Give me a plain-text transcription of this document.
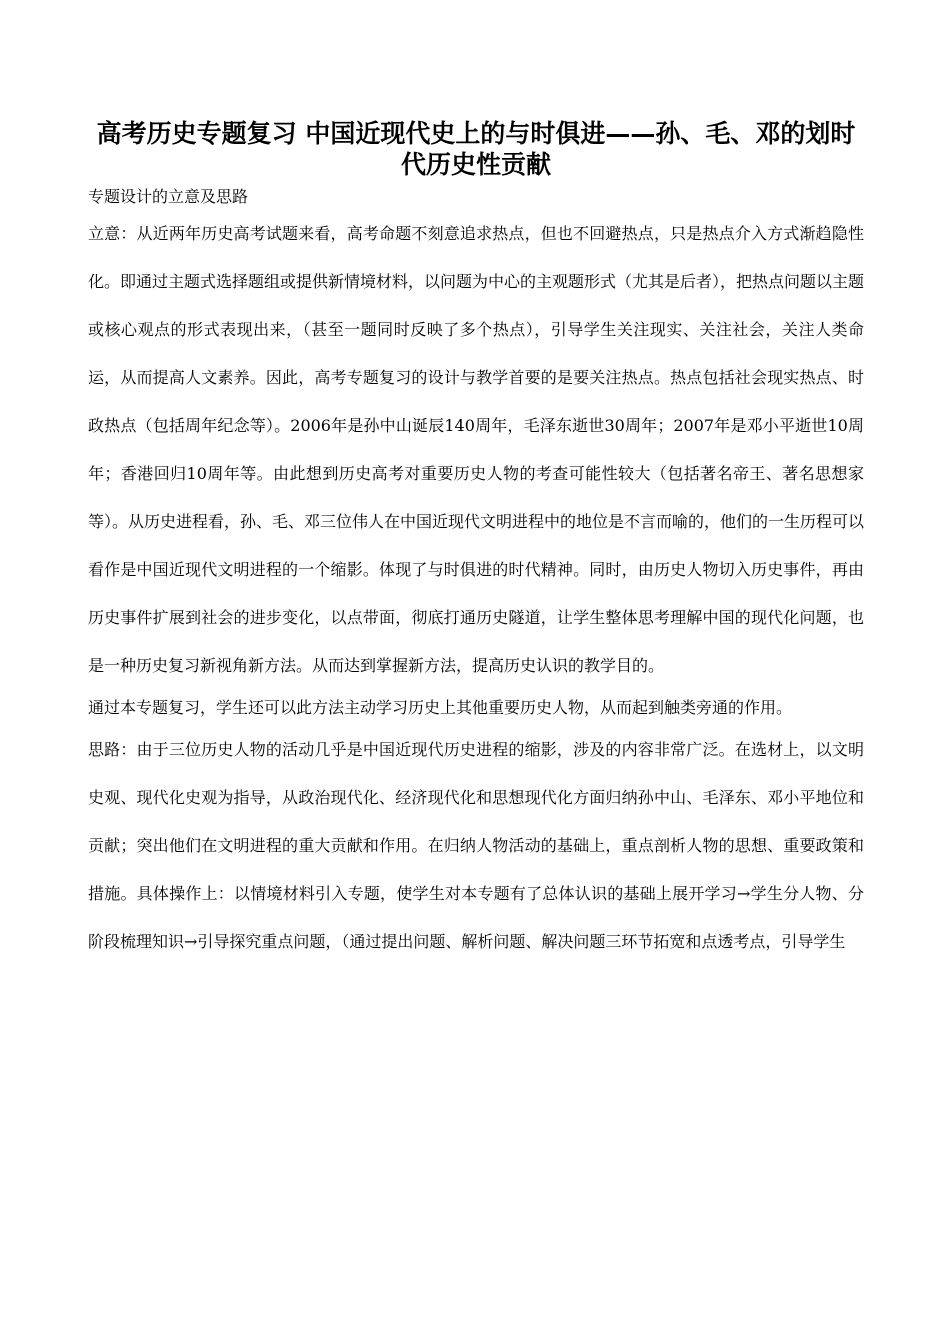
高考历史专题复习 中国近现代史上的与时俱进——孙、毛、邓的划时代历史性贡献
专题设计的立意及思路

立意：从近两年历史高考试题来看，高考命题不刻意追求热点，但也不回避热点，只是热点介入方式渐趋隐性化。即通过主题式选择题组或提供新情境材料，以问题为中心的主观题形式（尤其是后者），把热点问题以主题或核心观点的形式表现出来，（甚至一题同时反映了多个热点），引导学生关注现实、关注社会，关注人类命运，从而提高人文素养。因此，高考专题复习的设计与教学首要的是要关注热点。热点包括社会现实热点、时政热点（包括周年纪念等）。2006年是孙中山诞辰140周年，毛泽东逝世30周年；2007年是邓小平逝世10周年；香港回归10周年等。由此想到历史高考对重要历史人物的考查可能性较大（包括著名帝王、著名思想家等）。从历史进程看，孙、毛、邓三位伟人在中国近现代文明进程中的地位是不言而喻的，他们的一生历程可以看作是中国近现代文明进程的一个缩影。体现了与时俱进的时代精神。同时，由历史人物切入历史事件，再由历史事件扩展到社会的进步变化，以点带面，彻底打通历史隧道，让学生整体思考理解中国的现代化问题，也是一种历史复习新视角新方法。从而达到掌握新方法，提高历史认识的教学目的。

通过本专题复习，学生还可以此方法主动学习历史上其他重要历史人物，从而起到触类旁通的作用。

思路：由于三位历史人物的活动几乎是中国近现代历史进程的缩影，涉及的内容非常广泛。在选材上，以文明史观、现代化史观为指导，从政治现代化、经济现代化和思想现代化方面归纳孙中山、毛泽东、邓小平地位和贡献；突出他们在文明进程的重大贡献和作用。在归纳人物活动的基础上，重点剖析人物的思想、重要政策和措施。具体操作上：以情境材料引入专题，使学生对本专题有了总体认识的基础上展开学习→学生分人物、分阶段梳理知识→引导探究重点问题，（通过提出问题、解析问题、解决问题三环节拓宽和点透考点，引导学生
